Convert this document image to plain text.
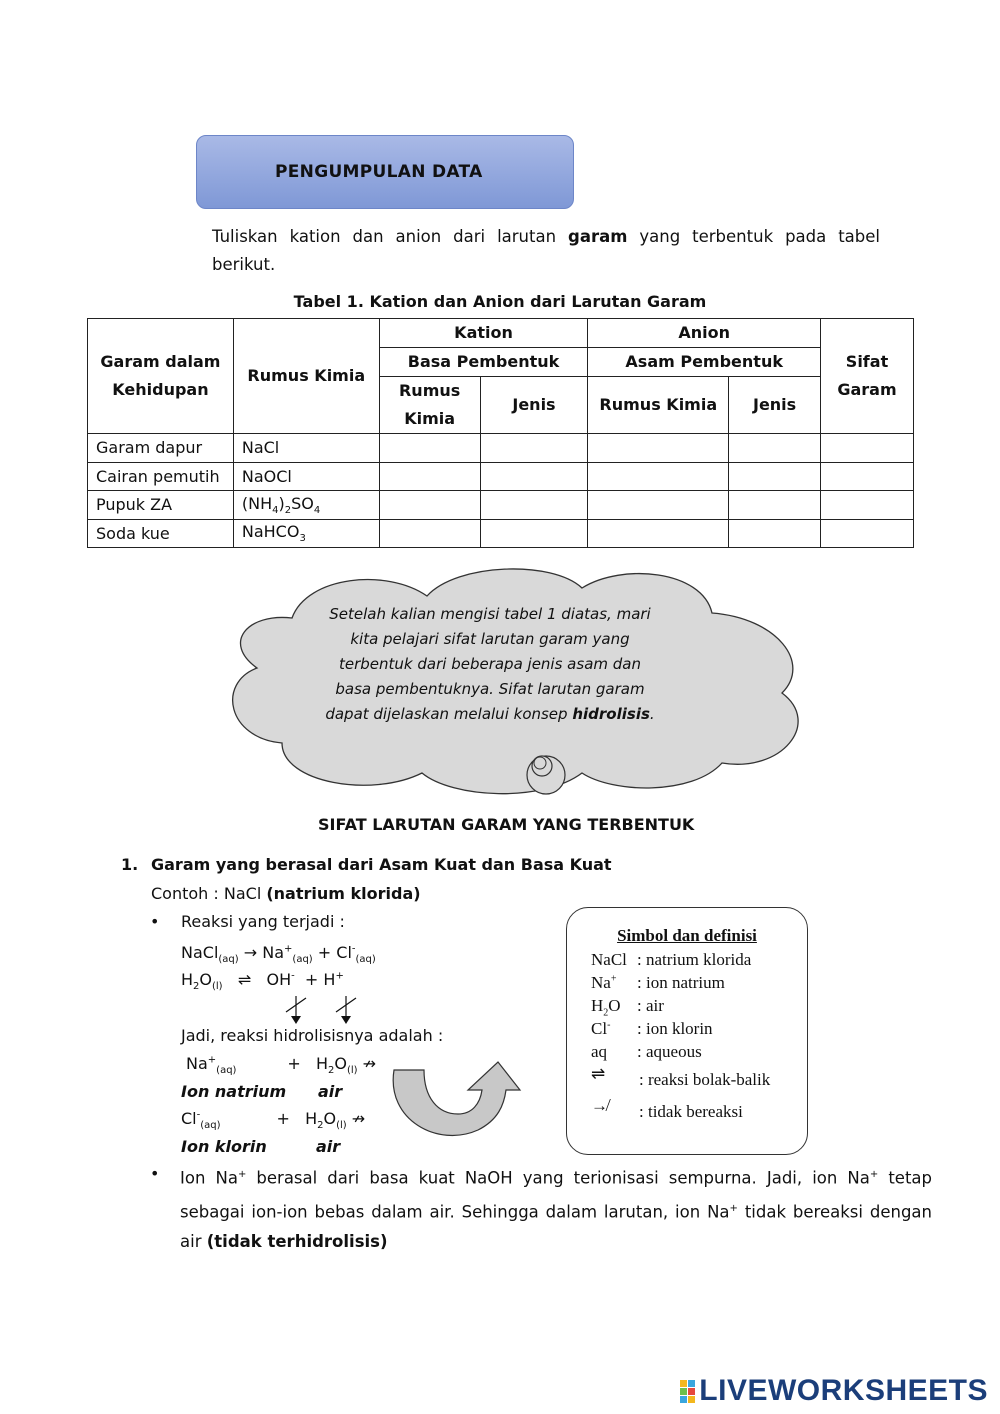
PENGUMPULAN DATA
Tuliskan kation dan anion dari larutan garam yang terbentuk pada tabel berikut.
Tabel 1. Kation dan Anion dari Larutan Garam
Garam dalam Kehidupan	Rumus Kimia	Kation		Anion		Sifat Garam
		Basa Pembentuk		Asam Pembentuk		
		Rumus Kimia	Jenis	Rumus Kimia	Jenis	
Garam dapur	NaCl					
Cairan pemutih	NaOCl					
Pupuk ZA	$(NH_4)_2SO_4$					
Soda kue	NaHCO$_3$					
Setelah kalian mengisi tabel 1 diatas, mari kita pelajari sifat larutan garam yang terbentuk dari beberapa jenis asam dan basa pembentuknya. Sifat larutan garam dapat dijelaskan melalui konsep hidrolisis.
SIFAT LARUTAN GARAM YANG TERBENTUK
1. Garam yang berasal dari Asam Kuat dan Basa Kuat
Contoh : NaCl (natrium klorida)
• Reaksi yang terjadi :
NaCl$_{(aq)}$ → $Na^+_{(aq)} + Cl^-_{(aq)}$
$H_2O_{(l)}$   ⇌   OH-  + H+
Jadi, reaksi hidrolisisnya adalah :
$Na^+_{(aq)}$          +   $H_2O_{(l)}$ ↛
Ion natrium air
$Cl^-_{(aq)}$           +   $H_2O_{(l)}$ ↛
Ion klorin	air
Simbol dan definisi
NaCl : natrium klorida
Na+ : ion natrium
$H_2O$ : air
Cl- : ion klorin
aq : aqueous
⇌ : reaksi bolak-balik
↛ : tidak bereaksi
• Ion Na+ berasal dari basa kuat NaOH yang terionisasi sempurna. Jadi, ion Na+ tetap sebagai ion-ion bebas dalam air. Sehingga dalam larutan, ion Na+ tidak bereaksi dengan air (tidak terhidrolisis)
LIVEWORKSHEETS
